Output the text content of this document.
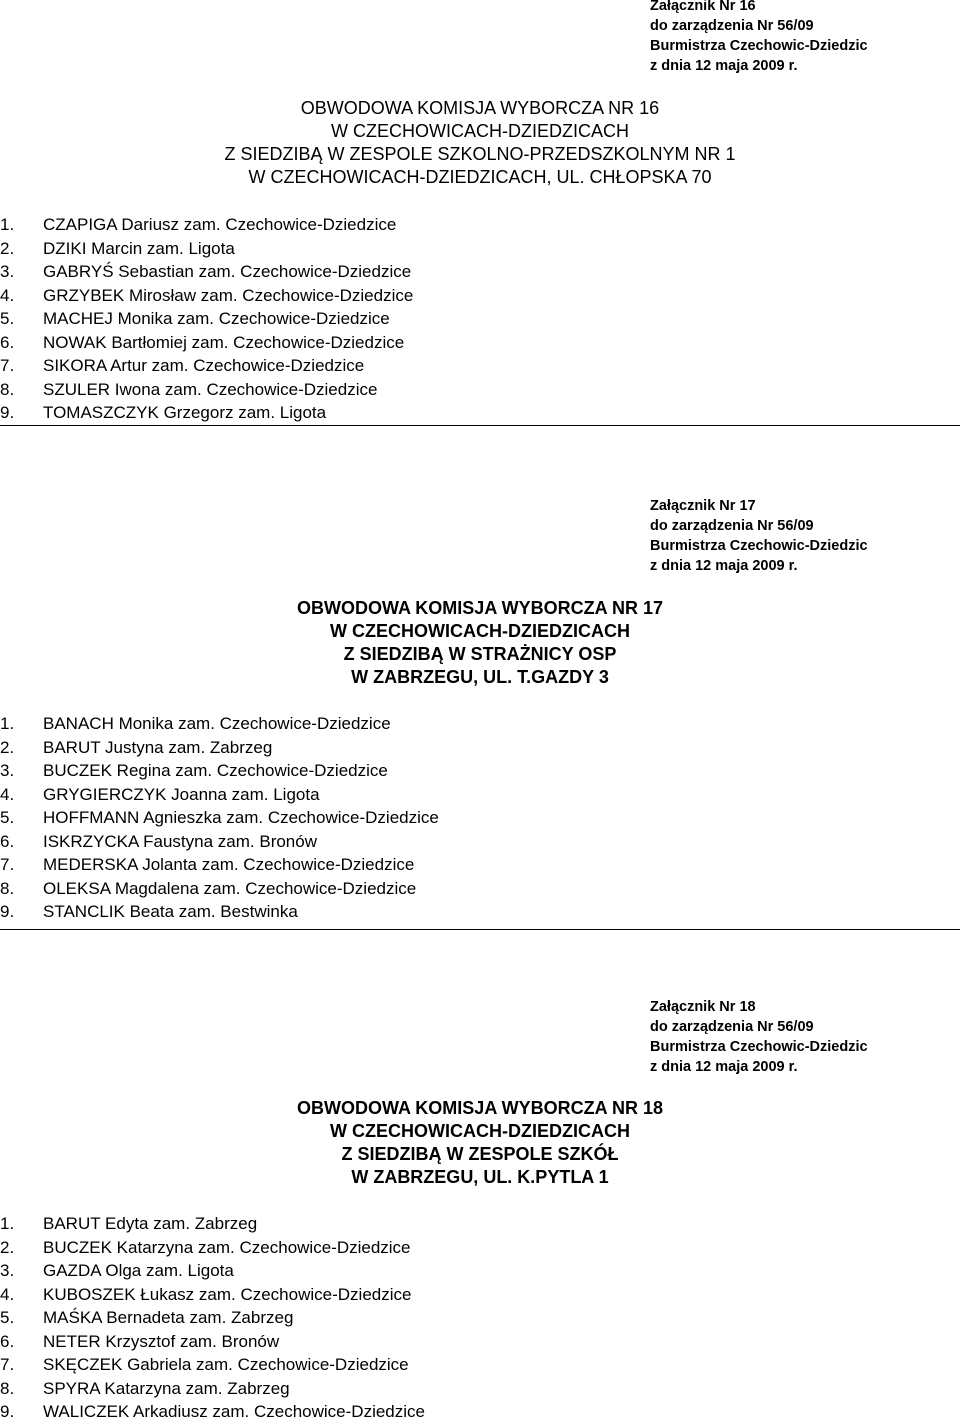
Załącznik Nr 16
do zarządzenia Nr 56/09
Burmistrza Czechowic-Dziedzic
z dnia 12 maja 2009 r.
OBWODOWA KOMISJA WYBORCZA NR 16
W CZECHOWICACH-DZIEDZICACH
Z SIEDZIBĄ W ZESPOLE SZKOLNO-PRZEDSZKOLNYM NR 1
W CZECHOWICACH-DZIEDZICACH, UL. CHŁOPSKA 70
1. CZAPIGA Dariusz zam. Czechowice-Dziedzice
2. DZIKI Marcin zam. Ligota
3. GABRYŚ Sebastian zam. Czechowice-Dziedzice
4. GRZYBEK Mirosław zam. Czechowice-Dziedzice
5. MACHEJ Monika zam. Czechowice-Dziedzice
6. NOWAK Bartłomiej zam. Czechowice-Dziedzice
7. SIKORA Artur zam. Czechowice-Dziedzice
8. SZULER Iwona zam. Czechowice-Dziedzice
9. TOMASZCZYK Grzegorz zam. Ligota
Załącznik Nr 17
do zarządzenia Nr 56/09
Burmistrza Czechowic-Dziedzic
z dnia 12 maja 2009 r.
OBWODOWA KOMISJA WYBORCZA NR 17
W CZECHOWICACH-DZIEDZICACH
Z SIEDZIBĄ W STRAŻNICY OSP
W ZABRZEGU, UL. T.GAZDY 3
1. BANACH Monika zam. Czechowice-Dziedzice
2. BARUT Justyna zam. Zabrzeg
3. BUCZEK Regina zam. Czechowice-Dziedzice
4. GRYGIERCZYK Joanna zam. Ligota
5. HOFFMANN Agnieszka zam. Czechowice-Dziedzice
6. ISKRZYCKA Faustyna zam. Bronów
7. MEDERSKA Jolanta zam. Czechowice-Dziedzice
8. OLEKSA Magdalena zam. Czechowice-Dziedzice
9. STANCLIK Beata zam. Bestwinka
Załącznik Nr 18
do zarządzenia Nr 56/09
Burmistrza Czechowic-Dziedzic
z dnia 12 maja 2009 r.
OBWODOWA KOMISJA WYBORCZA NR 18
W CZECHOWICACH-DZIEDZICACH
Z SIEDZIBĄ W ZESPOLE SZKÓŁ
W ZABRZEGU, UL. K.PYTLA 1
1. BARUT Edyta zam. Zabrzeg
2. BUCZEK Katarzyna zam. Czechowice-Dziedzice
3. GAZDA Olga zam. Ligota
4. KUBOSZEK Łukasz zam. Czechowice-Dziedzice
5. MAŚKA Bernadeta zam. Zabrzeg
6. NETER Krzysztof zam. Bronów
7. SKĘCZEK Gabriela zam. Czechowice-Dziedzice
8. SPYRA Katarzyna zam. Zabrzeg
9. WALICZEK Arkadiusz zam. Czechowice-Dziedzice
